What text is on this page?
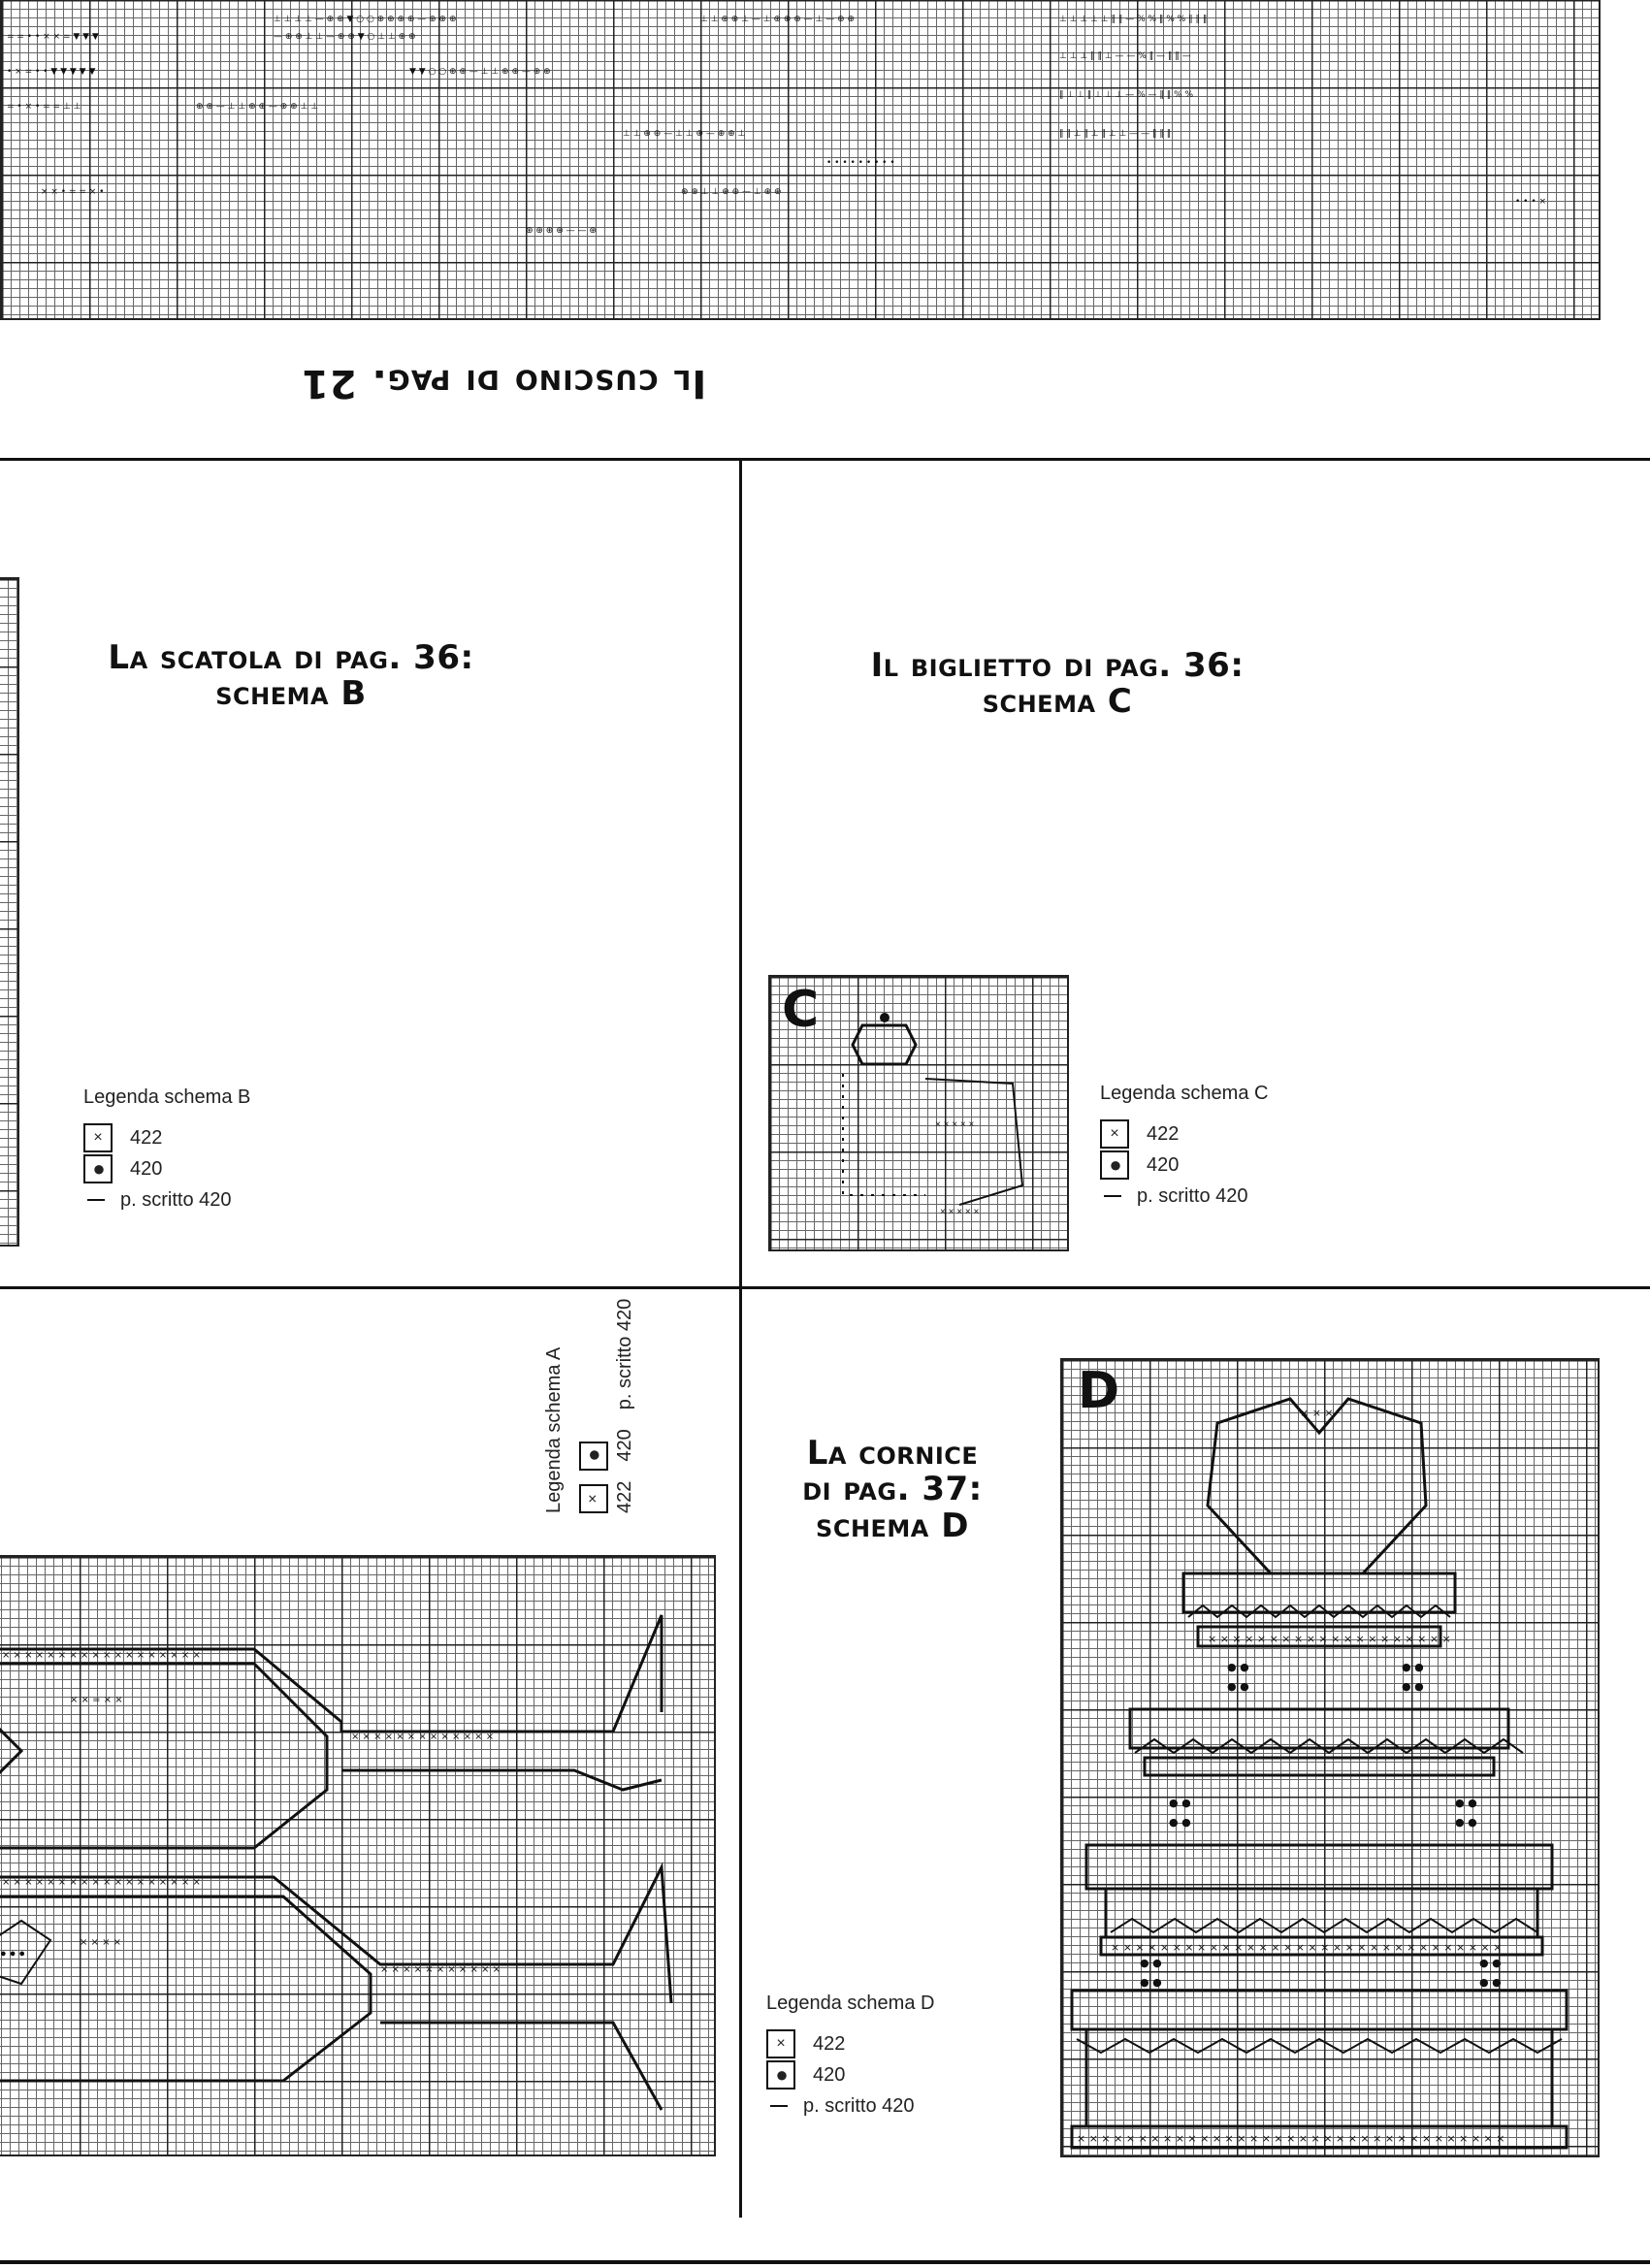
⊥ ⊥ ⊥ ⊥ — ⊕ ⊕ ▼ ○ ○ ⊕ ⊕ ⊕ ⊕ — ⊕ ⊕ ⊕
— ⊕ ⊕ ⊥ ⊥ — ⊕ ⊕ ▼ ○ ⊥ ⊥ ⊕ ⊕
▼ ▼ ○ ○ ⊕ ⊕ — ⊥ ⊥ ⊕ ⊕ — ⊕ ⊕
⊕ ⊕ — ⊥ ⊥ ⊕ ⊕ — ⊕ ⊕ ⊥ ⊥
⊥ ⊥ ⊕ ⊕ — ⊥ ⊥ ⊕ — ⊕ ⊕ ⊥
⊥ ⊥ ⊕ ⊕ ⊥ — ⊥ ⊕ ⊕ ⊕ — ⊥ — ⊕ ⊕	⊥ ⊥ ⊥ ⊥ ⊥ ‖ ‖ — % % ‖ % % ‖ ‖ ‖
⊥ ⊥ ⊥ ‖ ‖ ⊥ — — % ‖ — ‖ ‖ —
‖ ⊥ ⊥ ‖ ⊥ ⊥ ⊥ — % — ‖ ‖ % %
‖ ‖ ⊥ ‖ ⊥ ‖ ⊥ ⊥ — — ‖ ‖ ‖
= = • • × × = ▼ ▼ ▼
• × = • • ▼ ▼ ▼ ▼ ▼
= • × • = = ⊥ ⊥
× × • = = × •
⊕ ⊕ ⊕ ⊕ — — ⊕
⊕ ⊕ ⊥ ⊥ ⊕ ⊕ — ⊥ ⊕ ⊕
• • • • • • • • •
• • • ×
Il cuscino di pag. 21
La scatola di pag. 36:
schema B
Legenda schema B
×	422
●	420
p. scritto 420
Il biglietto di pag. 36:
schema C
× × × × ×
× × × × ×
C
Legenda schema C
×	422
●	420
p. scritto 420
Legenda schema A	×
●
422
420
p. scritto 420
× × × × × × × × × × × × × × × × × ×
× × × × × × × × × × × × × × × × × ×
× × × × × × × × × × × × ×
× × × × × × × × × × ×
× × = × ×
× × × ×
● ● ●
La cornice
di pag. 37:
schema D
× × ×
× × × × × × × × × × × × × × × × × × × ×
× × × × × × × × × × × × × × × × × × × × × × × × × × × × × × × ×
× × × × × × × × × × × × × × × × × × × × × × × × × × × × × × × × × × ×
● ●
● ●
● ●
● ●
● ●
● ●
● ●
● ●
● ●
● ●
● ●
● ●
D
Legenda schema D
×	422
●	420
p. scritto 420
